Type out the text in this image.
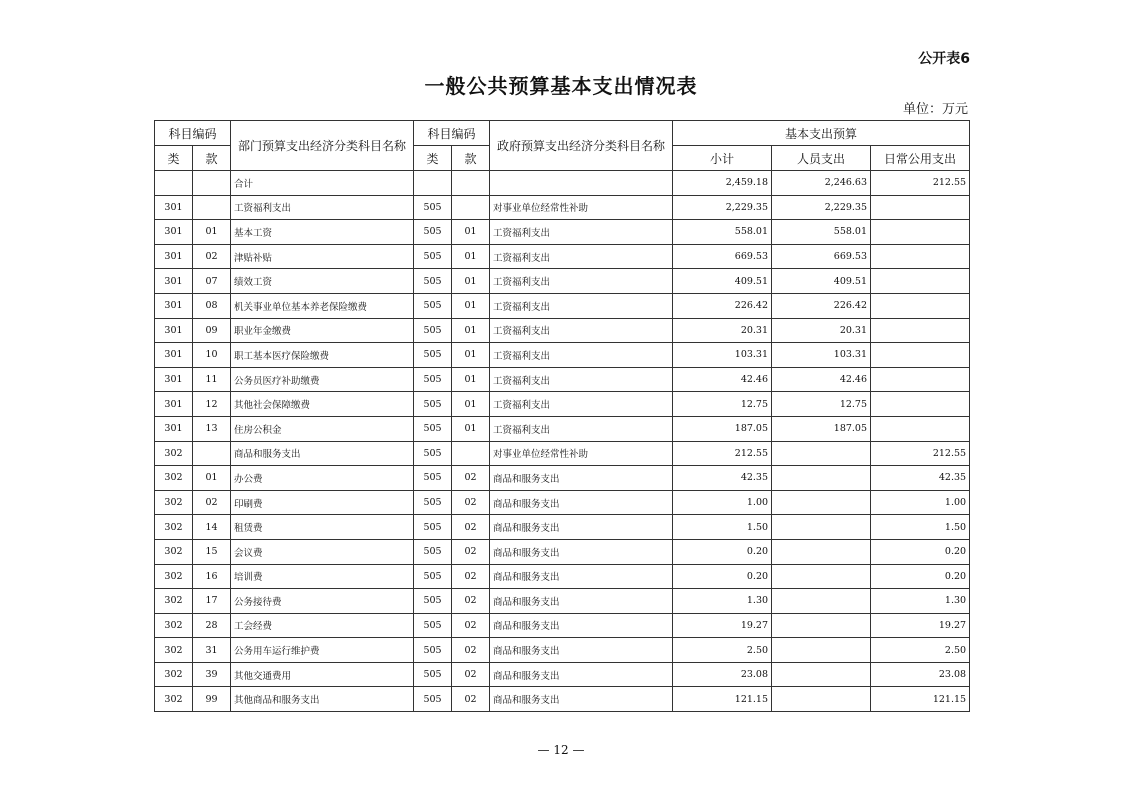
公开表6
一般公共预算基本支出情况表
单位：万元
科目编码		部门预算支出经济分类科目名称	科目编码		政府预算支出经济分类科目名称	基本支出预算		
类	款		类	款		小计	人员支出	日常公用支出
		合计				2,459.18	2,246.63	212.55
301		工资福利支出	505		对事业单位经常性补助	2,229.35	2,229.35	
301	01	基本工资	505	01	工资福利支出	558.01	558.01	
301	02	津贴补贴	505	01	工资福利支出	669.53	669.53	
301	07	绩效工资	505	01	工资福利支出	409.51	409.51	
301	08	机关事业单位基本养老保险缴费	505	01	工资福利支出	226.42	226.42	
301	09	职业年金缴费	505	01	工资福利支出	20.31	20.31	
301	10	职工基本医疗保险缴费	505	01	工资福利支出	103.31	103.31	
301	11	公务员医疗补助缴费	505	01	工资福利支出	42.46	42.46	
301	12	其他社会保障缴费	505	01	工资福利支出	12.75	12.75	
301	13	住房公积金	505	01	工资福利支出	187.05	187.05	
302		商品和服务支出	505		对事业单位经常性补助	212.55		212.55
302	01	办公费	505	02	商品和服务支出	42.35		42.35
302	02	印刷费	505	02	商品和服务支出	1.00		1.00
302	14	租赁费	505	02	商品和服务支出	1.50		1.50
302	15	会议费	505	02	商品和服务支出	0.20		0.20
302	16	培训费	505	02	商品和服务支出	0.20		0.20
302	17	公务接待费	505	02	商品和服务支出	1.30		1.30
302	28	工会经费	505	02	商品和服务支出	19.27		19.27
302	31	公务用车运行维护费	505	02	商品和服务支出	2.50		2.50
302	39	其他交通费用	505	02	商品和服务支出	23.08		23.08
302	99	其他商品和服务支出	505	02	商品和服务支出	121.15		121.15
— 12 —
